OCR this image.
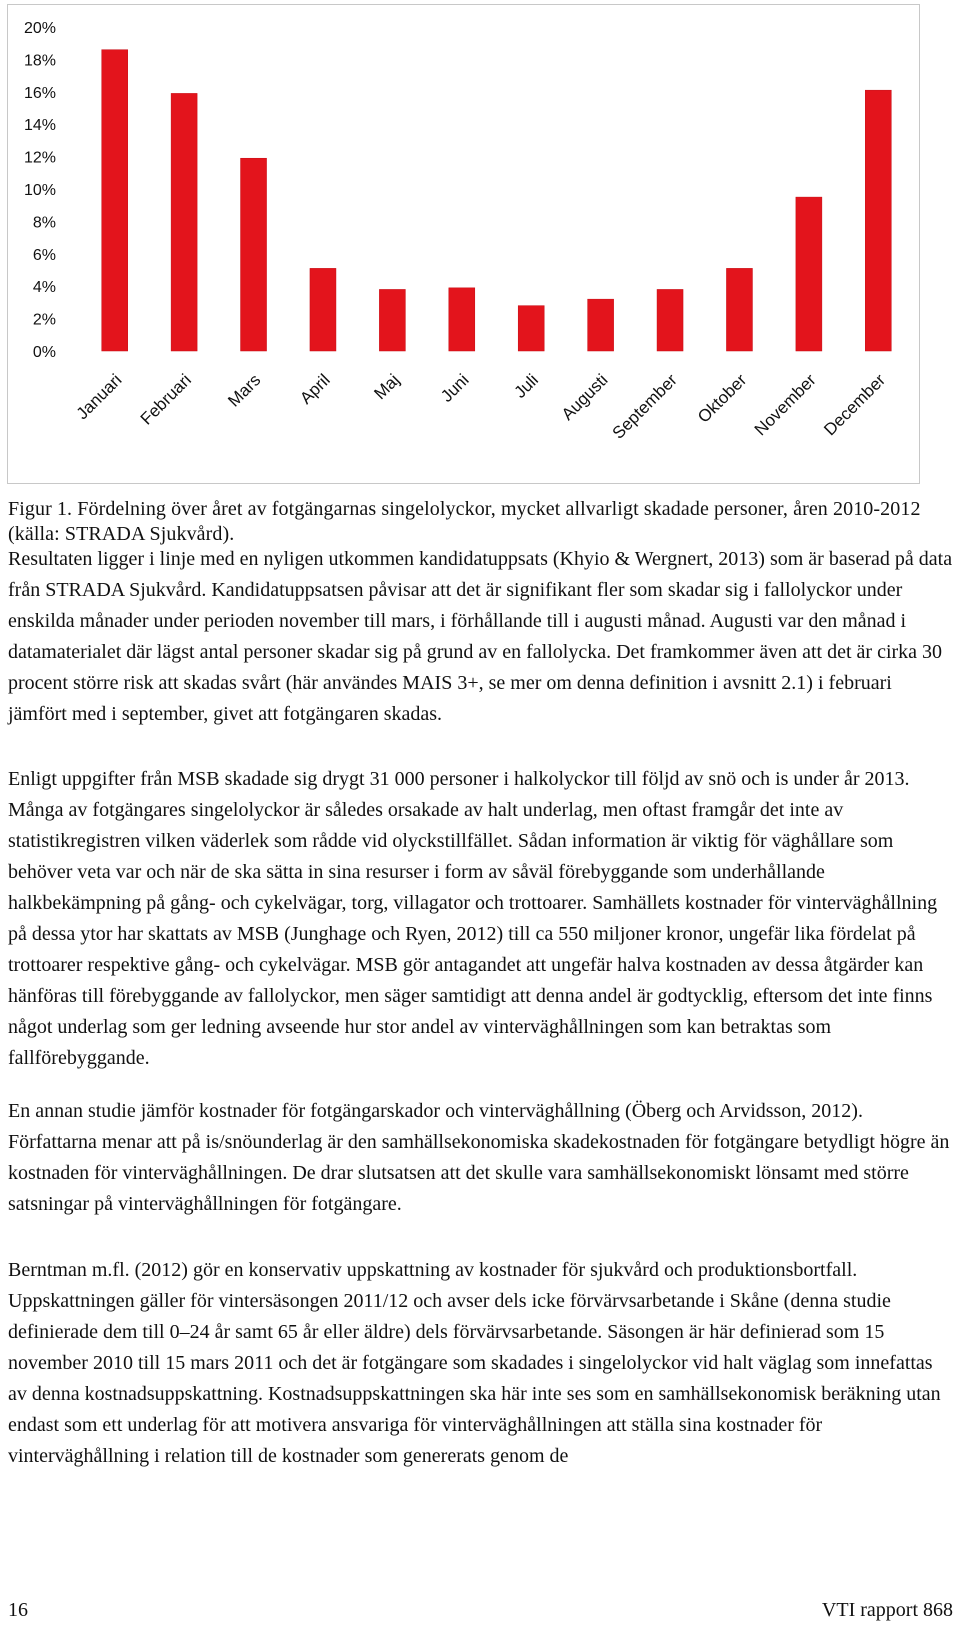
0%
2%
4%
6%
8%
10%
12%
14%
16%
18%
20%
Januari Februari Mars April Maj Juni Juli Augusti
September Oktober November December
Figur 1. Fördelning över året av fotgängarnas singelolyckor, mycket allvarligt skadade personer, åren 2010-2012 (källa: STRADA Sjukvård).

Resultaten ligger i linje med en nyligen utkommen kandidatuppsats (Khyio & Wergnert, 2013) som är baserad på data från STRADA Sjukvård. Kandidatuppsatsen påvisar att det är signifikant fler som skadar sig i fallolyckor under enskilda månader under perioden november till mars, i förhållande till i augusti månad. Augusti var den månad i datamaterialet där lägst antal personer skadar sig på grund av en fallolycka. Det framkommer även att det är cirka 30 procent större risk att skadas svårt (här användes MAIS 3+, se mer om denna definition i avsnitt 2.1) i februari jämfört med i september, givet att fotgängaren skadas.

Enligt uppgifter från MSB skadade sig drygt 31 000 personer i halkolyckor till följd av snö och is under år 2013. Många av fotgängares singelolyckor är således orsakade av halt underlag, men oftast framgår det inte av statistikregistren vilken väderlek som rådde vid olyckstillfället. Sådan information är viktig för väghållare som behöver veta var och när de ska sätta in sina resurser i form av såväl förebyggande som underhållande halkbekämpning på gång- och cykelvägar, torg, villagator och trottoarer. Samhällets kostnader för vinterväghållning på dessa ytor har skattats av MSB (Junghage och Ryen, 2012) till ca 550 miljoner kronor, ungefär lika fördelat på trottoarer respektive gång- och cykelvägar. MSB gör antagandet att ungefär halva kostnaden av dessa åtgärder kan hänföras till förebyggande av fallolyckor, men säger samtidigt att denna andel är godtycklig, eftersom det inte finns något underlag som ger ledning avseende hur stor andel av vinterväghållningen som kan betraktas som fallförebyggande.

En annan studie jämför kostnader för fotgängarskador och vinterväghållning (Öberg och Arvidsson, 2012). Författarna menar att på is/snöunderlag är den samhällsekonomiska skadekostnaden för fotgängare betydligt högre än kostnaden för vinterväghållningen. De drar slutsatsen att det skulle vara samhällsekonomiskt lönsamt med större satsningar på vinterväghållningen för fotgängare.

Berntman m.fl. (2012) gör en konservativ uppskattning av kostnader för sjukvård och produktionsbortfall. Uppskattningen gäller för vintersäsongen 2011/12 och avser dels icke förvärvsarbetande i Skåne (denna studie definierade dem till 0–24 år samt 65 år eller äldre) dels förvärvsarbetande. Säsongen är här definierad som 15 november 2010 till 15 mars 2011 och det är fotgängare som skadades i singelolyckor vid halt väglag som innefattas av denna kostnadsuppskattning. Kostnadsuppskattningen ska här inte ses som en samhällsekonomisk beräkning utan endast som ett underlag för att motivera ansvariga för vinterväghållningen att ställa sina kostnader för vinterväghållning i relation till de kostnader som genererats genom de

16	VTI rapport 868
